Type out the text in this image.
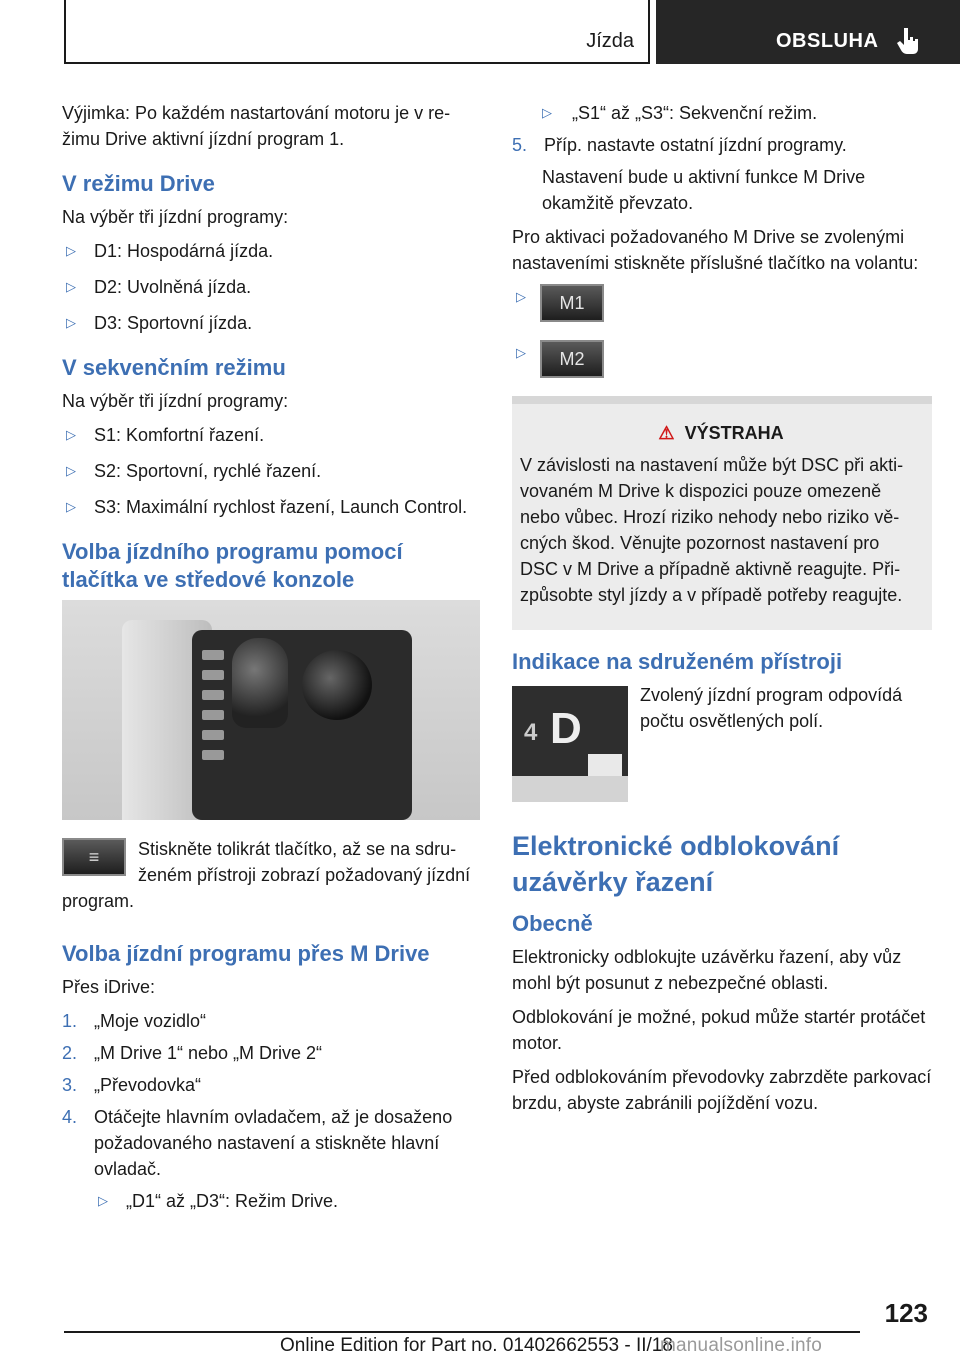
Jízda	OBSLUHA

Výjimka: Po každém nastartování motoru je v režimu Drive aktivní jízdní program 1.

V režimu Drive

Na výběr tři jízdní programy:

▷ D1: Hospodárná jízda.
▷ D2: Uvolněná jízda.
▷ D3: Sportovní jízda.
V sekvenčním režimu

Na výběr tři jízdní programy:

▷ S1: Komfortní řazení.
▷ S2: Sportovní, rychlé řazení.
▷ S3: Maximální rychlost řazení, Launch Control.
Volba jízdního programu pomocí tlačítka ve středové konzole
≡	Stiskněte tolikrát tlačítko, až se na sdruženém přístroji zobrazí požadovaný jízdní program.

Volba jízdní programu přes M Drive

Přes iDrive:

1. „Moje vozidlo“
2. „M Drive 1“ nebo „M Drive 2“
3. „Převodovka“
4. Otáčejte hlavním ovladačem, až je dosaženo požadovaného nastavení a stiskněte hlavní ovladač.
▷ „D1“ až „D3“: Režim Drive.
▷ „S1“ až „S3“: Sekvenční režim.
5. Příp. nastavte ostatní jízdní programy.

Nastavení bude u aktivní funkce M Drive okamžitě převzato.

Pro aktivaci požadovaného M Drive se zvolenými nastaveními stiskněte příslušné tlačítko na volantu:

▷ M1
▷ M2
⚠ VÝSTRAHA

V závislosti na nastavení může být DSC při aktivovaném M Drive k dispozici pouze omezeně nebo vůbec. Hrozí riziko nehody nebo riziko věcných škod. Věnujte pozornost nastavení pro DSC v M Drive a případně aktivně reagujte. Přizpůsobte styl jízdy a v případě potřeby reagujte.

Indikace na sdruženém přístroji
4 D

Zvolený jízdní program odpovídá počtu osvětlených polí.

Elektronické odblokování uzávěrky řazení
Obecně

Elektronicky odblokujte uzávěrku řazení, aby vůz mohl být posunut z nebezpečné oblasti.

Odblokování je možné, pokud může startér protáčet motor.

Před odblokováním převodovky zabrzděte parkovací brzdu, abyste zabránili pojíždění vozu.

123
Online Edition for Part no. 01402662553 - II/18
manualsonline.info
